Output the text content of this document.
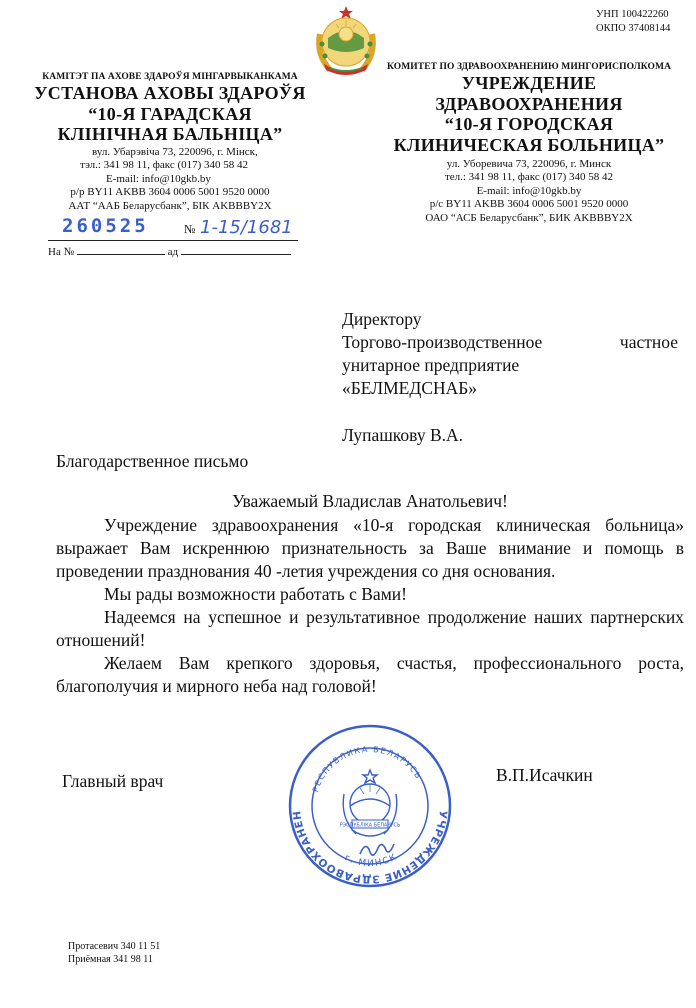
УНП 100422260
ОКПО 37408144
КАМІТЭТ ПА АХОВЕ ЗДАРОЎЯ МІНГАРВЫКАНКАМА
УСТАНОВА АХОВЫ ЗДАРОЎЯ
“10-Я ГАРАДСКАЯ
КЛІНІЧНАЯ БАЛЬНІЦА”
вул. Убарэвіча 73, 220096, г. Мінск,
тэл.: 341 98 11, факс (017) 340 58 42
E-mail: info@10gkb.by
р/р BY11 AKBB 3604 0006 5001 9520 0000
ААТ “ААБ Беларусбанк”, БІК AKBBBY2X
КОМИТЕТ ПО ЗДРАВООХРАНЕНИЮ МИНГОРИСПОЛКОМА
УЧРЕЖДЕНИЕ ЗДРАВООХРАНЕНИЯ
“10-Я ГОРОДСКАЯ
КЛИНИЧЕСКАЯ БОЛЬНИЦА”
ул. Уборевича 73, 220096, г. Минск
тел.: 341 98 11, факс (017) 340 58 42
E-mail: info@10gkb.by
р/с BY11 AKBB 3604 0006 5001 9520 0000
ОАО “АСБ Беларусбанк”, БИК AKBBBY2X
260525	№ 1-15/1681
На №	ад
Директору
Торгово-производственное	частное
унитарное предприятие
«БЕЛМЕДСНАБ»
Лупашкову В.А.
Благодарственное письмо
Уважаемый Владислав Анатольевич!
Учреждение здравоохранения «10-я городская клиническая больница» выражает Вам искреннюю признательность за Ваше внимание и помощь в проведении празднования 40 -летия учреждения со дня основания.
Мы рады возможности работать с Вами!
Надеемся на успешное и результативное продолжение наших партнерских отношений!
Желаем Вам крепкого здоровья, счастья, профессионального роста, благополучия и мирного неба над головой!
Главный врач	В.П.Исачкин
УЧРЕЖДЕНИЕ ЗДРАВООХРАНЕН
РЕСПУБЛИКА БЕЛАРУСЬ
г. МИНСК
РЭСПУБЛІКА БЕЛАРУСЬ
Протасевич 340 11 51
Приёмная 341 98 11
